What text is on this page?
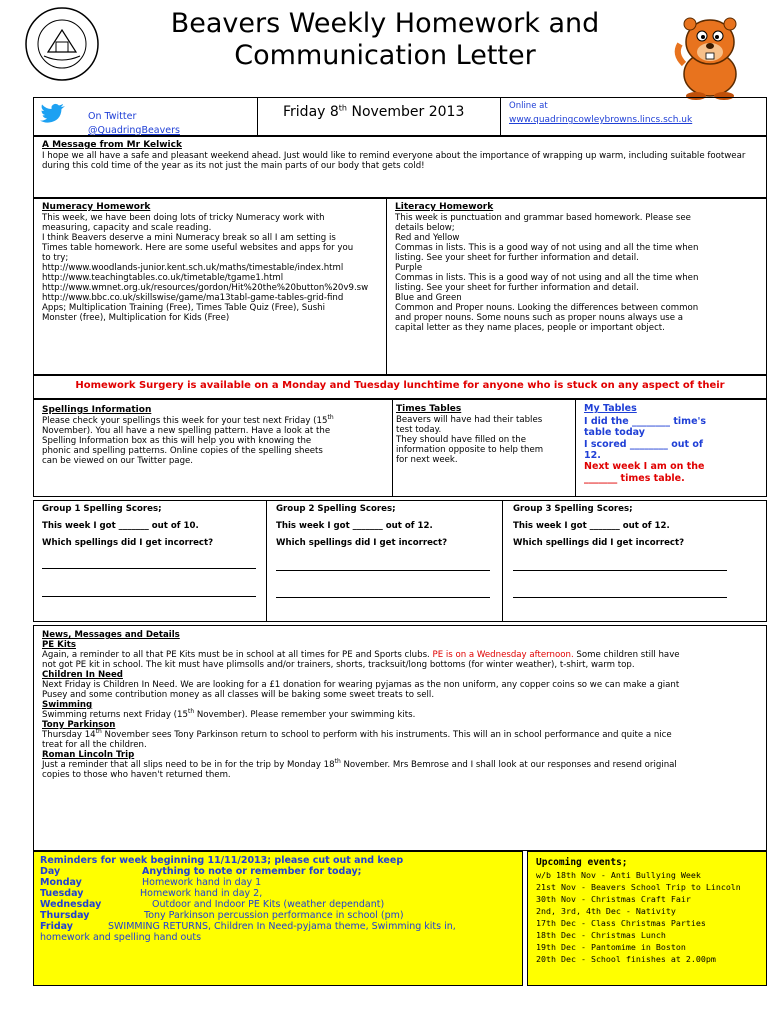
Beavers Weekly Homework and
Communication Letter
On Twitter
@QuadringBeavers
Friday 8th November 2013	Online at
www.quadringcowleybrowns.lincs.sch.uk
A Message from Mr Kelwick
I hope we all have a safe and pleasant weekend ahead. Just would like to remind everyone about the importance of wrapping up warm, including suitable footwear during this cold time of the year as its not just the main parts of our body that gets cold!
Numeracy Homework
This week, we have been doing lots of tricky Numeracy work with
measuring, capacity and scale reading.
I think Beavers deserve a mini Numeracy break so all I am setting is
Times table homework. Here are some useful websites and apps for you
to try;
http://www.woodlands-junior.kent.sch.uk/maths/timestable/index.html
http://www.teachingtables.co.uk/timetable/tgame1.html
http://www.wmnet.org.uk/resources/gordon/Hit%20the%20button%20v9.sw
http://www.bbc.co.uk/skillswise/game/ma13tabl-game-tables-grid-find
Apps; Multiplication Training (Free), Times Table Quiz (Free), Sushi
Monster (free), Multiplication for Kids (Free)
Literacy Homework
This week is punctuation and grammar based homework. Please see
details below;
Red and Yellow
Commas in lists. This is a good way of not using and all the time when
listing. See your sheet for further information and detail.
Purple
Commas in lists. This is a good way of not using and all the time when
listing. See your sheet for further information and detail.
Blue and Green
Common and Proper nouns. Looking the differences between common
and proper nouns. Some nouns such as proper nouns always use a
capital letter as they name places, people or important object.
Homework Surgery is available on a Monday and Tuesday lunchtime for anyone who is stuck on any aspect of their
Spellings Information
Please check your spellings this week for your test next Friday (15th
November). You all have a new spelling pattern. Have a look at the
Spelling Information box as this will help you with knowing the
phonic and spelling patterns. Online copies of the spelling sheets
can be viewed on our Twitter page.
Times Tables
Beavers will have had their tables
test today.
They should have filled on the
information opposite to help them
for next week.
My Tables
I did the ________ time's
table today
I scored ________ out of
12.
Next week I am on the
_______ times table.
Group 1 Spelling Scores;
This week I got _______ out of 10.
Which spellings did I get incorrect?
Group 2 Spelling Scores;
This week I got _______ out of 12.
Which spellings did I get incorrect?
Group 3 Spelling Scores;
This week I got _______ out of 12.
Which spellings did I get incorrect?
News, Messages and Details
PE Kits
Again, a reminder to all that PE Kits must be in school at all times for PE and Sports clubs. PE is on a Wednesday afternoon. Some children still have
not got PE kit in school. The kit must have plimsolls and/or trainers, shorts, tracksuit/long bottoms (for winter weather), t-shirt, warm top.
Children In Need
Next Friday is Children In Need. We are looking for a £1 donation for wearing pyjamas as the non uniform, any copper coins so we can make a giant
Pusey and some contribution money as all classes will be baking some sweet treats to sell.
Swimming
Swimming returns next Friday (15th November). Please remember your swimming kits.
Tony Parkinson
Thursday 14th November sees Tony Parkinson return to school to perform with his instruments. This will an in school performance and quite a nice
treat for all the children.
Roman Lincoln Trip
Just a reminder that all slips need to be in for the trip by Monday 18th November. Mrs Bemrose and I shall look at our responses and resend original
copies to those who haven't returned them.
Reminders for week beginning 11/11/2013; please cut out and keep
Day	Anything to note or remember for today;
Monday	Homework hand in day 1
Tuesday	Homework hand in day 2,
Wednesday	Outdoor and Indoor PE Kits (weather dependant)
Thursday	Tony Parkinson percussion performance in school (pm)
Friday	SWIMMING RETURNS, Children In Need-pyjama theme, Swimming kits in,
homework and spelling hand outs
Upcoming events;
w/b 18th Nov - Anti Bullying Week
21st Nov - Beavers School Trip to Lincoln
30th Nov - Christmas Craft Fair
2nd, 3rd, 4th Dec - Nativity
17th Dec - Class Christmas Parties
18th Dec - Christmas Lunch
19th Dec - Pantomime in Boston
20th Dec - School finishes at 2.00pm
